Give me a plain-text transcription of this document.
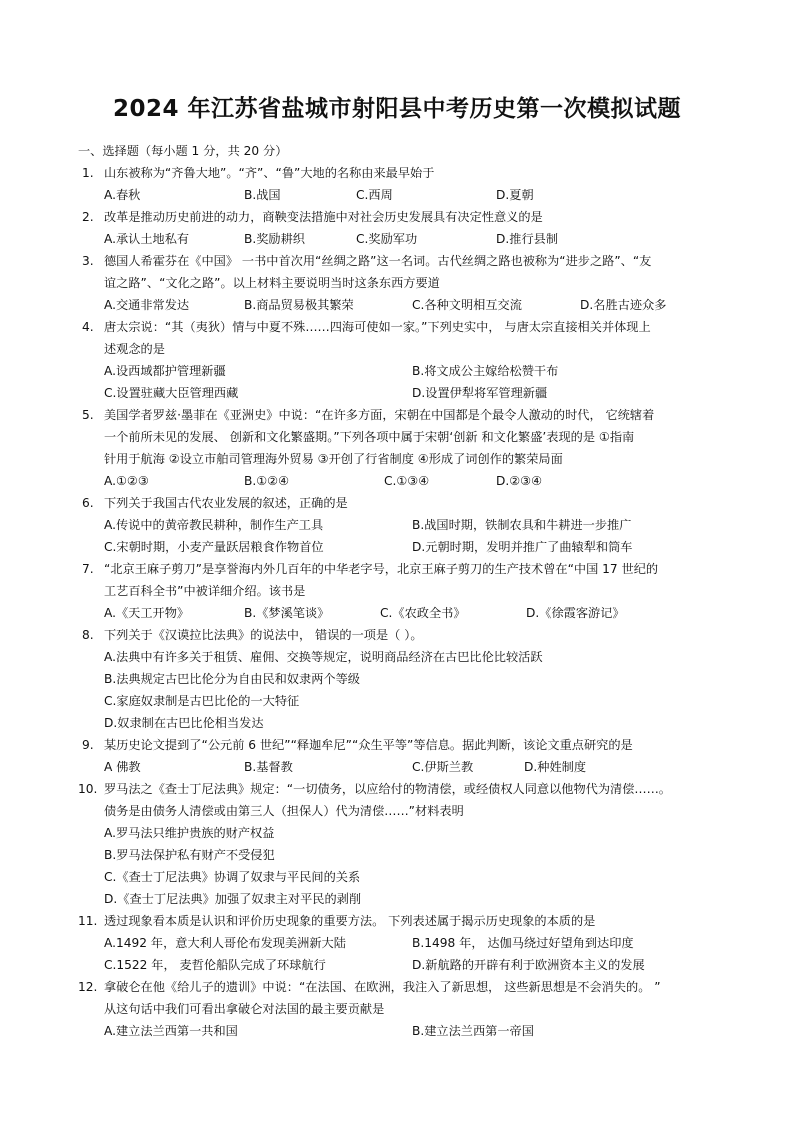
2024 年江苏省盐城市射阳县中考历史第一次模拟试题
一、选择题（每小题 1 分，共 20 分）
1. 山东被称为“齐鲁大地”。“齐”、“鲁”大地的名称由来最早始于
A.春秋	B.战国	C.西周	D.夏朝
2. 改革是推动历史前进的动力，商鞅变法措施中对社会历史发展具有决定性意义的是
A.承认土地私有	B.奖励耕织	C.奖励军功	D.推行县制
3. 德国人希霍芬在《中国》 一书中首次用“丝绸之路”这一名词。古代丝绸之路也被称为“进步之路”、“友
谊之路”、“文化之路”。以上材料主要说明当时这条东西方要道
A.交通非常发达	B.商品贸易极其繁荣	C.各种文明相互交流	D.名胜古迹众多
4. 唐太宗说：“其（夷狄）情与中夏不殊……四海可使如一家。”下列史实中， 与唐太宗直接相关并体现上
述观念的是
A.设西域都护管理新疆	B.将文成公主嫁给松赞干布
C.设置驻藏大臣管理西藏	D.设置伊犁将军管理新疆
5. 美国学者罗兹·墨菲在《亚洲史》中说：“在许多方面，宋朝在中国都是个最令人激动的时代， 它统辖着
一个前所未见的发展、 创新和文化繁盛期。”下列各项中属于宋朝‘创新 和文化繁盛’表现的是 ①指南
针用于航海 ②设立市舶司管理海外贸易 ③开创了行省制度 ④形成了词创作的繁荣局面
A.①②③	B.①②④	C.①③④	D.②③④
6. 下列关于我国古代农业发展的叙述，正确的是
A.传说中的黄帝教民耕种，制作生产工具	B.战国时期，铁制农具和牛耕进一步推广
C.宋朝时期，小麦产量跃居粮食作物首位	D.元朝时期，发明并推广了曲辕犁和筒车
7. “北京王麻子剪刀”是享誉海内外几百年的中华老字号，北京王麻子剪刀的生产技术曾在“中国 17 世纪的
工艺百科全书”中被详细介绍。该书是
A.《天工开物》	B.《梦溪笔谈》	C.《农政全书》	D.《徐霞客游记》
8. 下列关于《汉谟拉比法典》的说法中， 错误的一项是（ ）。
A.法典中有许多关于租赁、雇佣、交换等规定，说明商品经济在古巴比伦比较活跃
B.法典规定古巴比伦分为自由民和奴隶两个等级
C.家庭奴隶制是古巴比伦的一大特征
D.奴隶制在古巴比伦相当发达
9. 某历史论文提到了“公元前 6 世纪”“释迦牟尼”“众生平等”等信息。据此判断，该论文重点研究的是
A 佛教	B.基督教	C.伊斯兰教	D.种姓制度
10. 罗马法之《查士丁尼法典》规定：“一切债务，以应给付的物清偿，或经债权人同意以他物代为清偿……。
债务是由债务人清偿或由第三人（担保人）代为清偿……”材料表明
A.罗马法只维护贵族的财产权益
B.罗马法保护私有财产不受侵犯
C.《查士丁尼法典》协调了奴隶与平民间的关系
D.《查士丁尼法典》加强了奴隶主对平民的剥削
11. 透过现象看本质是认识和评价历史现象的重要方法。 下列表述属于揭示历史现象的本质的是
A.1492 年，意大利人哥伦布发现美洲新大陆	B.1498 年， 达伽马绕过好望角到达印度
C.1522 年， 麦哲伦船队完成了环球航行	D.新航路的开辟有利于欧洲资本主义的发展
12. 拿破仑在他《给儿子的遗训》中说：“在法国、在欧洲，我注入了新思想， 这些新思想是不会消失的。 ”
从这句话中我们可看出拿破仑对法国的最主要贡献是
A.建立法兰西第一共和国	B.建立法兰西第一帝国
